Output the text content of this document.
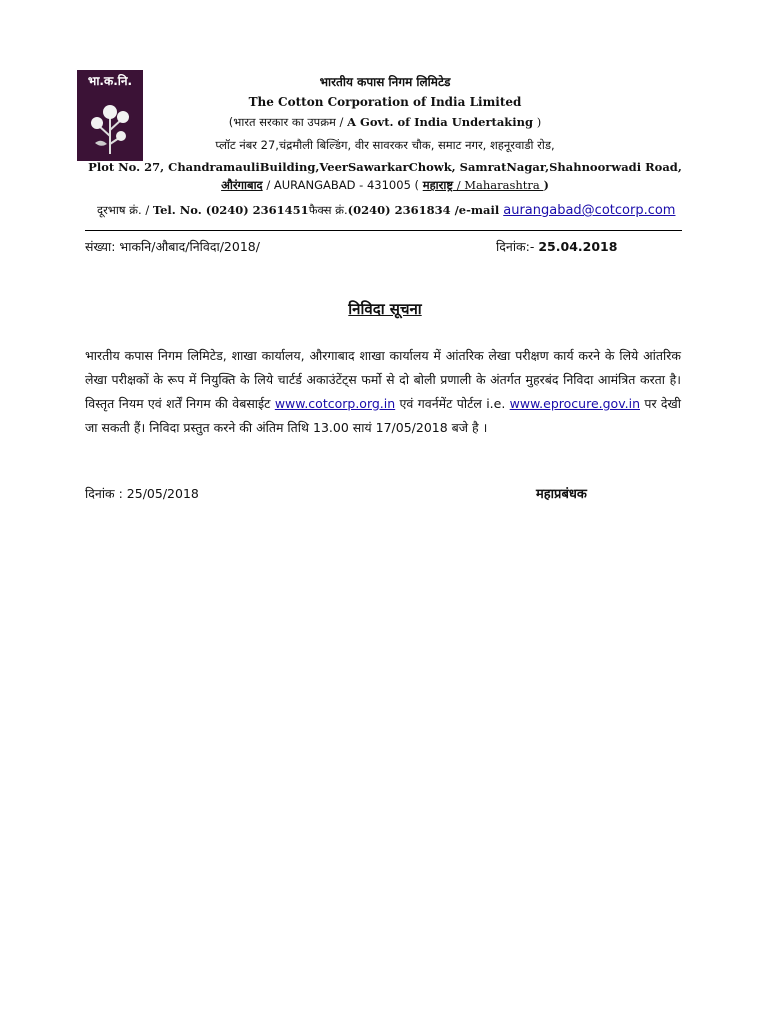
भा.क.नि.	भारतीय कपास निगम लिमिटेड
The Cotton Corporation of India Limited
(भारत सरकार का उपक्रम / A Govt. of India Undertaking )
प्लॉट नंबर 27,चंद्रमौली बिल्डिंग, वीर सावरकर चौक, समाट नगर, शहनूरवाडी रोड,
Plot No. 27, ChandramauliBuilding,VeerSawarkarChowk, SamratNagar,Shahnoorwadi Road,
औरंगाबाद / AURANGABAD - 431005 ( महाराष्ट्र / Maharashtra )
दूरभाष क्रं. / Tel. No. (0240) 2361451फैक्स क्रं.(0240) 2361834 /e-mail aurangabad@cotcorp.com
संख्या: भाकनि/औबाद/निविदा/2018/	दिनांक:- 25.04.2018
निविदा सूचना
भारतीय कपास निगम लिमिटेड, शाखा कार्यालय, औरगाबाद शाखा कार्यालय में आंतरिक लेखा परीक्षण कार्य करने के लिये आंतरिक लेखा परीक्षकों के रूप में नियुक्ति के लिये चार्टर्ड अकाउंटेंट्स फर्मो से दो बोली प्रणाली के अंतर्गत मुहरबंद निविदा आमंत्रित करता है। विस्तृत नियम एवं शर्तें निगम की वेबसाईट www.cotcorp.org.in एवं गवर्नमेंट पोर्टल i.e. www.eprocure.gov.in पर देखी जा सकती हैं। निविदा प्रस्तुत करने की अंतिम तिथि 13.00 सायं 17/05/2018 बजे है ।
दिनांक : 25/05/2018	महाप्रबंधक
